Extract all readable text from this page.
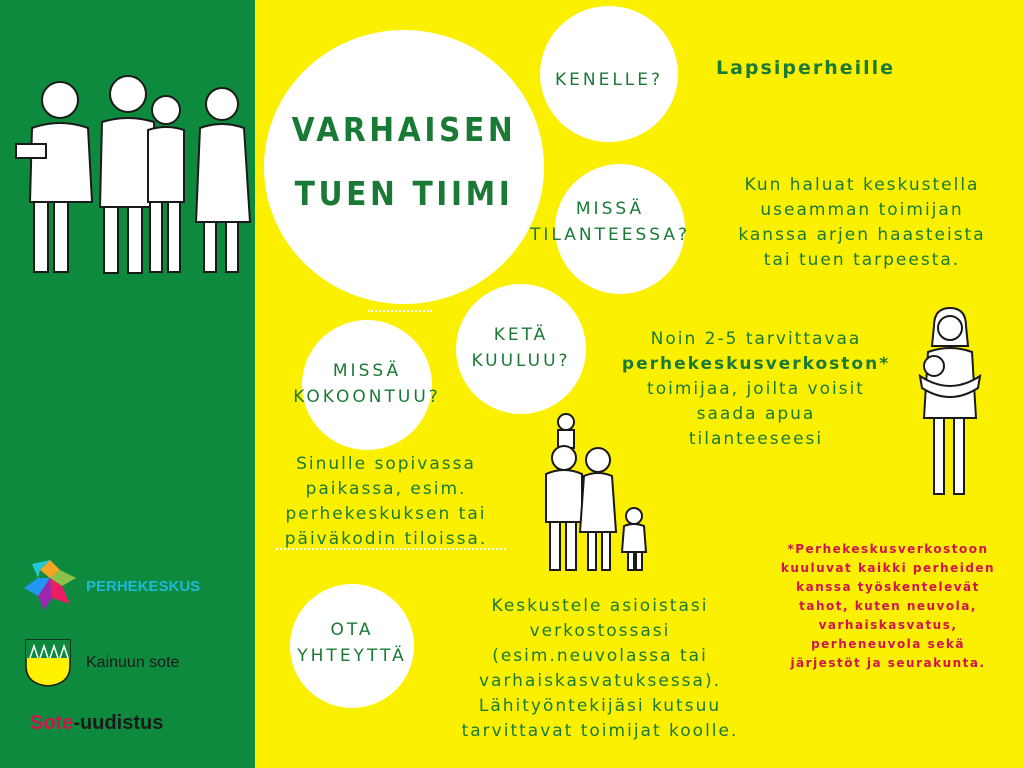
VARHAISEN
TUEN TIIMI
KENELLE?
Lapsiperheille
MISSÄ
TILANTEESSA?
Kun haluat keskustella
useamman toimijan
kanssa arjen haasteista
tai tuen tarpeesta.
KETÄ
KUULUU?
Noin 2-5 tarvittavaa
perhekeskusverkoston*
toimijaa, joilta voisit
saada apua
tilanteeseesi
MISSÄ
KOKOONTUU?
Sinulle sopivassa
paikassa, esim.
perhekeskuksen tai
päiväkodin tiloissa.
OTA
YHTEYTTÄ
Keskustele asioistasi
verkostossasi
(esim.neuvolassa tai
varhaiskasvatuksessa).
Lähityöntekijäsi kutsuu
tarvittavat toimijat koolle.
*Perhekeskusverkostoon
kuuluvat kaikki perheiden
kanssa työskentelevät
tahot, kuten neuvola,
varhaiskasvatus,
perheneuvola sekä
järjestöt ja seurakunta.
PERHEKESKUS
Kainuun sote
Sote-uudistus
